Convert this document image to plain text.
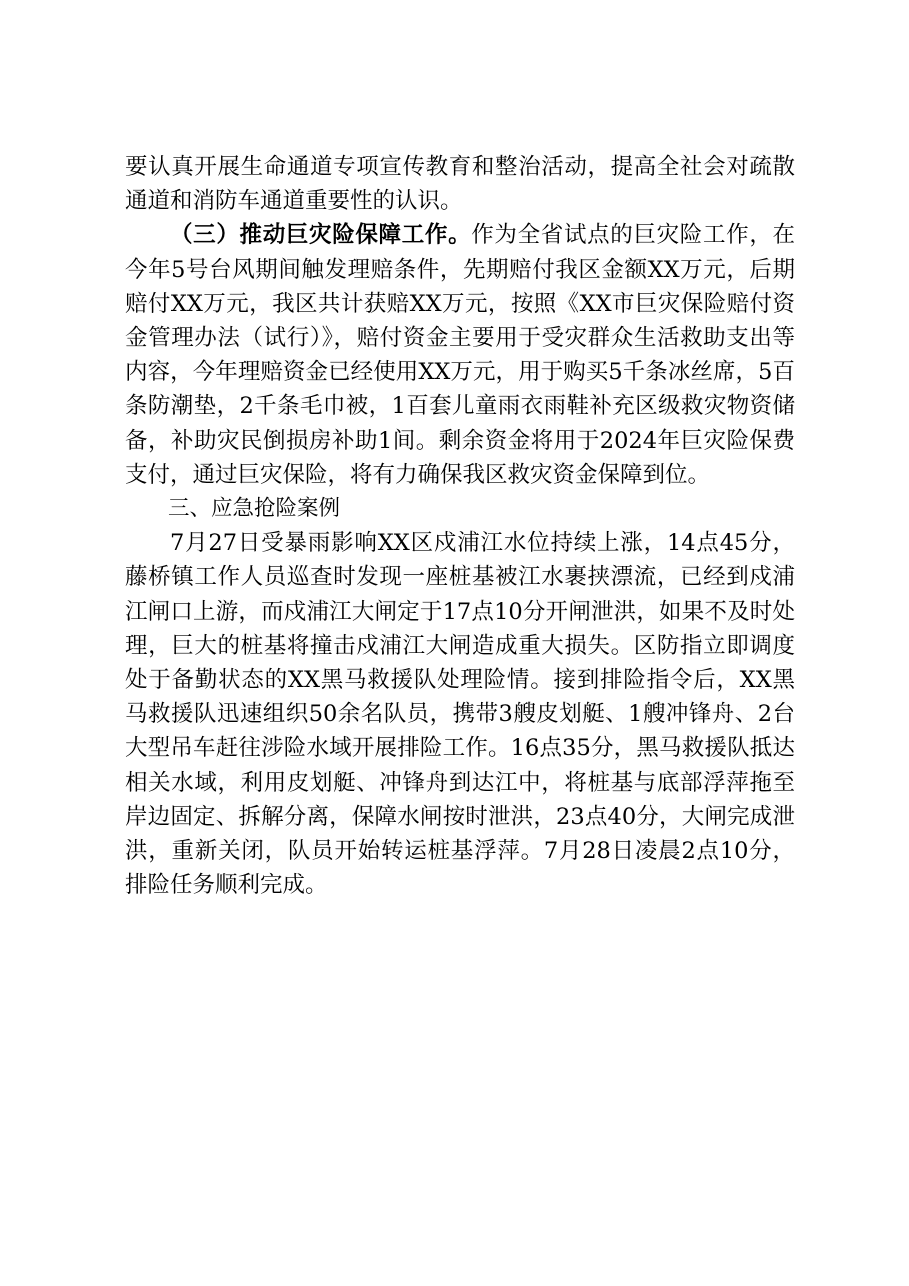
要认真开展生命通道专项宣传教育和整治活动，提高全社会对疏散通道和消防车通道重要性的认识。

（三）推动巨灾险保障工作。作为全省试点的巨灾险工作，在今年5号台风期间触发理赔条件，先期赔付我区金额XX万元，后期赔付XX万元，我区共计获赔XX万元，按照《XX市巨灾保险赔付资金管理办法（试行）》，赔付资金主要用于受灾群众生活救助支出等内容，今年理赔资金已经使用XX万元，用于购买5千条冰丝席，5百条防潮垫，2千条毛巾被，1百套儿童雨衣雨鞋补充区级救灾物资储备，补助灾民倒损房补助1间。剩余资金将用于2024年巨灾险保费支付，通过巨灾保险，将有力确保我区救灾资金保障到位。

三、应急抢险案例

7月27日受暴雨影响XX区戍浦江水位持续上涨，14点45分，藤桥镇工作人员巡查时发现一座桩基被江水裹挟漂流，已经到戍浦江闸口上游，而戍浦江大闸定于17点10分开闸泄洪，如果不及时处理，巨大的桩基将撞击戍浦江大闸造成重大损失。区防指立即调度处于备勤状态的XX黑马救援队处理险情。接到排险指令后，XX黑马救援队迅速组织50余名队员，携带3艘皮划艇、1艘冲锋舟、2台大型吊车赶往涉险水域开展排险工作。16点35分，黑马救援队抵达相关水域，利用皮划艇、冲锋舟到达江中，将桩基与底部浮萍拖至岸边固定、拆解分离，保障水闸按时泄洪，23点40分，大闸完成泄洪，重新关闭，队员开始转运桩基浮萍。7月28日凌晨2点10分，排险任务顺利完成。
